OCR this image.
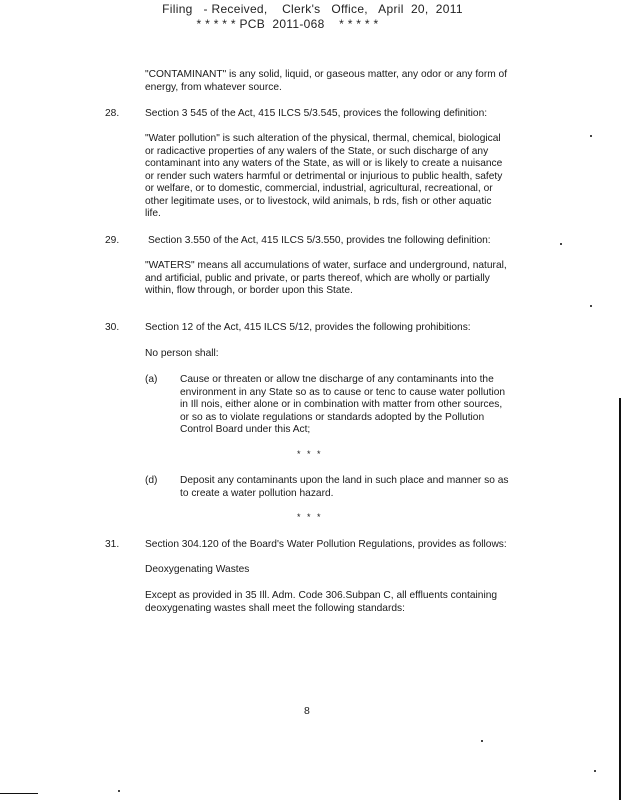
Filing   - Received,    Clerk's   Office,   April  20,  2011
* * * * * PCB  2011-068    * * * * *
"CONTAMINANT" is any solid, liquid, or gaseous matter, any odor or any form of
energy, from whatever source.
28.	Section 3 545 of the Act, 415 ILCS 5/3.545, provices the following definition:
"Water pollution" is such alteration of the physical, thermal, chemical, biological
or radicactive properties of any walers of the State, or such discharge of any
contaminant into any waters of the State, as will or is likely to create a nuisance
or render such waters harmful or detrimental or injurious to public health, safety
or welfare, or to domestic, commercial, industrial, agricultural, recreational, or
other legitimate uses, or to livestock, wild animals, b rds, fish or other aquatic
life.
29.	Section 3.550 of the Act, 415 ILCS 5/3.550, provides tne following definition:
"WATERS" means all accumulations of water, surface and underground, natural,
and artificial, public and private, or parts thereof, which are wholly or partially
within, flow through, or border upon this State.
30.	Section 12 of the Act, 415 ILCS 5/12, provides the following prohibitions:
No person shall:
(a) Cause or threaten or allow tne discharge of any contaminants into the
environment in any State so as to cause or tenc to cause water pollution
in Ill nois, either alone or in combination with matter from other sources,
or so as to violate regulations or standards adopted by the Pollution
Control Board under this Act;
* * *
(d) Deposit any contaminants upon the land in such place and manner so as
to create a water pollution hazard.
* * *
31.	Section 304.120 of the Board's Water Pollution Regulations, provides as follows:
Deoxygenating Wastes
Except as provided in 35 Ill. Adm. Code 306.Subpan C, all effluents containing
deoxygenating wastes shall meet the following standards:
8
